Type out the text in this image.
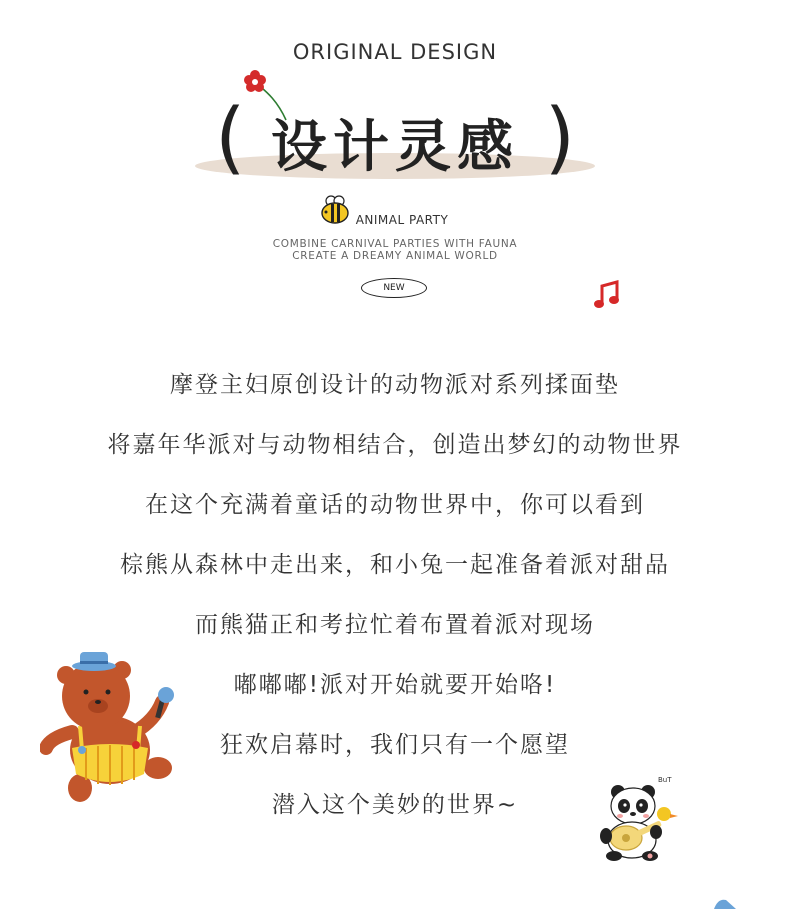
ORIGINAL DESIGN
( 设计灵感 )
ANIMAL PARTY
COMBINE CARNIVAL PARTIES WITH FAUNA
CREATE A DREAMY ANIMAL WORLD
NEW
摩登主妇原创设计的动物派对系列揉面垫
将嘉年华派对与动物相结合，创造出梦幻的动物世界
在这个充满着童话的动物世界中，你可以看到
棕熊从森林中走出来，和小兔一起准备着派对甜品
而熊猫正和考拉忙着布置着派对现场
嘟嘟嘟!派对开始就要开始咯!
狂欢启幕时，我们只有一个愿望
潜入这个美妙的世界~
BuT
